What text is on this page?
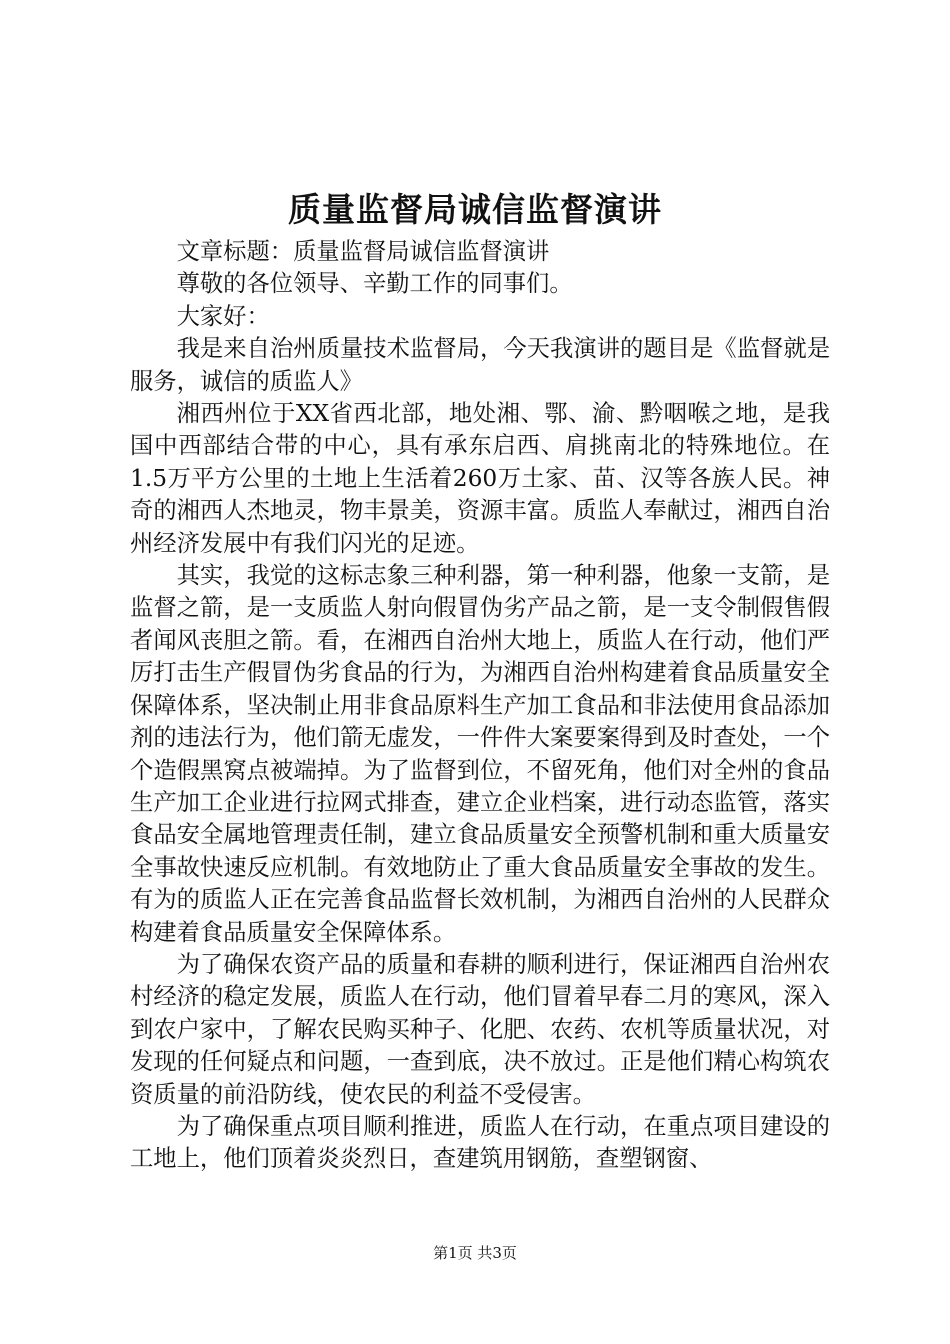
质量监督局诚信监督演讲

文章标题：质量监督局诚信监督演讲

尊敬的各位领导、辛勤工作的同事们。

大家好：

我是来自治州质量技术监督局，今天我演讲的题目是《监督就是服务，诚信的质监人》

湘西州位于XX省西北部，地处湘、鄂、渝、黔咽喉之地，是我国中西部结合带的中心，具有承东启西、肩挑南北的特殊地位。在1.5万平方公里的土地上生活着260万土家、苗、汉等各族人民。神奇的湘西人杰地灵，物丰景美，资源丰富。质监人奉献过，湘西自治州经济发展中有我们闪光的足迹。

其实，我觉的这标志象三种利器，第一种利器，他象一支箭，是监督之箭，是一支质监人射向假冒伪劣产品之箭，是一支令制假售假者闻风丧胆之箭。看，在湘西自治州大地上，质监人在行动，他们严厉打击生产假冒伪劣食品的行为，为湘西自治州构建着食品质量安全保障体系，坚决制止用非食品原料生产加工食品和非法使用食品添加剂的违法行为，他们箭无虚发，一件件大案要案得到及时查处，一个个造假黑窝点被端掉。为了监督到位，不留死角，他们对全州的食品生产加工企业进行拉网式排查，建立企业档案，进行动态监管，落实食品安全属地管理责任制，建立食品质量安全预警机制和重大质量安全事故快速反应机制。有效地防止了重大食品质量安全事故的发生。有为的质监人正在完善食品监督长效机制，为湘西自治州的人民群众构建着食品质量安全保障体系。

为了确保农资产品的质量和春耕的顺利进行，保证湘西自治州农村经济的稳定发展，质监人在行动，他们冒着早春二月的寒风，深入到农户家中，了解农民购买种子、化肥、农药、农机等质量状况，对发现的任何疑点和问题，一查到底，决不放过。正是他们精心构筑农资质量的前沿防线，使农民的利益不受侵害。

为了确保重点项目顺利推进，质监人在行动，在重点项目建设的工地上，他们顶着炎炎烈日，查建筑用钢筋，查塑钢窗、

第1页 共3页
